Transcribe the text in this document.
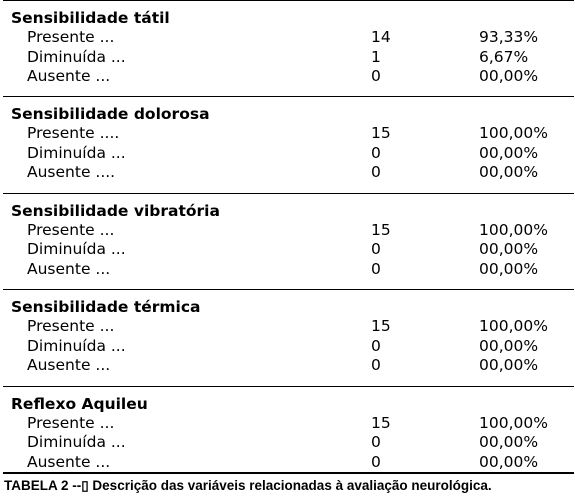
Sensibilidade tátil
Presente ...	14	93,33%
Diminuída ...	1	6,67%
Ausente ...	0	00,00%
Sensibilidade dolorosa
Presente ....	15	100,00%
Diminuída ...	0	00,00%
Ausente ....	0	00,00%
Sensibilidade vibratória
Presente ...	15	100,00%
Diminuída ...	0	00,00%
Ausente ...	0	00,00%
Sensibilidade térmica
Presente ...	15	100,00%
Diminuída ...	0	00,00%
Ausente ...	0	00,00%
Reflexo Aquileu
Presente ...	15	100,00%
Diminuída ...	0	00,00%
Ausente ...	0	00,00%
TABELA 2 --▯ Descrição das variáveis relacionadas à avaliação neurológica.
